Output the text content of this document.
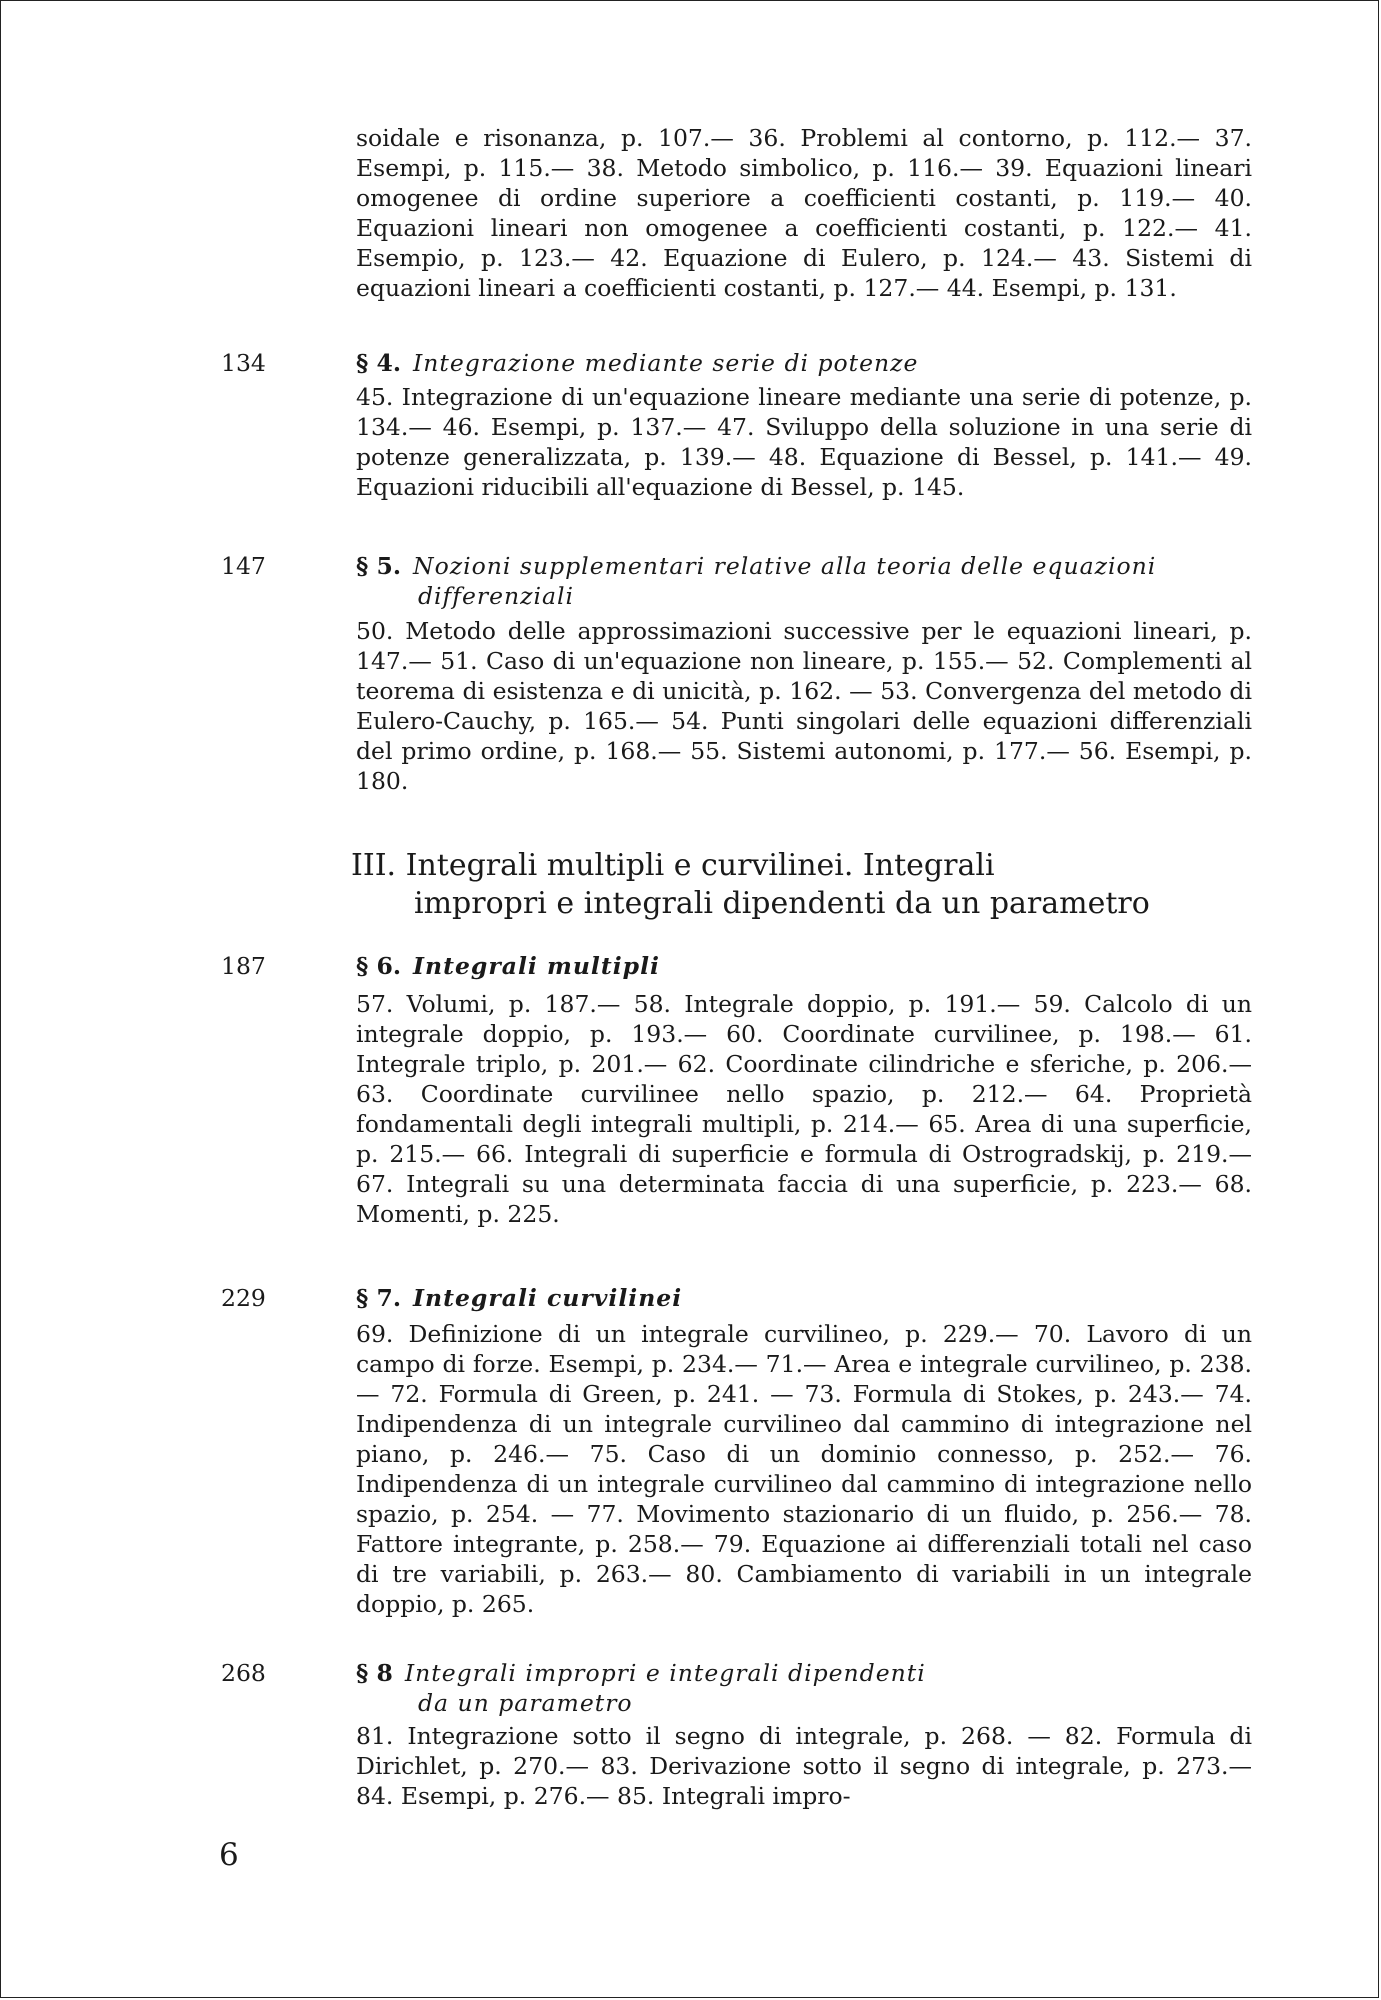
soidale e risonanza, p. 107.— 36. Problemi al contorno, p. 112.— 37. Esempi, p. 115.— 38. Metodo simbolico, p. 116.— 39. Equazioni lineari omogenee di ordine superiore a coefficienti costanti, p. 119.— 40. Equazioni lineari non omogenee a coefficienti costanti, p. 122.— 41. Esempio, p. 123.— 42. Equazione di Eulero, p. 124.— 43. Sistemi di equazioni lineari a coefficienti costanti, p. 127.— 44. Esempi, p. 131.
134	§ 4. Integrazione mediante serie di potenze
45. Integrazione di un'equazione lineare mediante una serie di potenze, p. 134.— 46. Esempi, p. 137.— 47. Sviluppo della soluzione in una serie di potenze generalizzata, p. 139.— 48. Equazione di Bessel, p. 141.— 49. Equazioni riducibili all'equazione di Bessel, p. 145.
147	§ 5. Nozioni supplementari relative alla teoria delle equazioni
differenziali
50. Metodo delle approssimazioni successive per le equazioni lineari, p. 147.— 51. Caso di un'equazione non lineare, p. 155.— 52. Complementi al teorema di esistenza e di unicità, p. 162. — 53. Convergenza del metodo di Eulero-Cauchy, p. 165.— 54. Punti singolari delle equazioni differenziali del primo ordine, p. 168.— 55. Sistemi autonomi, p. 177.— 56. Esempi, p. 180.
III. Integrali multipli e curvilinei. Integrali
impropri e integrali dipendenti da un parametro
187	§ 6. Integrali multipli
57. Volumi, p. 187.— 58. Integrale doppio, p. 191.— 59. Calcolo di un integrale doppio, p. 193.— 60. Coordinate curvilinee, p. 198.— 61. Integrale triplo, p. 201.— 62. Coordinate cilindriche e sferiche, p. 206.— 63. Coordinate curvilinee nello spazio, p. 212.— 64. Proprietà fondamentali degli integrali multipli, p. 214.— 65. Area di una superficie, p. 215.— 66. Integrali di superficie e formula di Ostrogradskij, p. 219.— 67. Integrali su una determinata faccia di una superficie, p. 223.— 68. Momenti, p. 225.
229	§ 7. Integrali curvilinei
69. Definizione di un integrale curvilineo, p. 229.— 70. Lavoro di un campo di forze. Esempi, p. 234.— 71.— Area e integrale curvilineo, p. 238.— 72. Formula di Green, p. 241. — 73. Formula di Stokes, p. 243.— 74. Indipendenza di un integrale curvilineo dal cammino di integrazione nel piano, p. 246.— 75. Caso di un dominio connesso, p. 252.— 76. Indipendenza di un integrale curvilineo dal cammino di integrazione nello spazio, p. 254. — 77. Movimento stazionario di un fluido, p. 256.— 78. Fattore integrante, p. 258.— 79. Equazione ai differenziali totali nel caso di tre variabili, p. 263.— 80. Cambiamento di variabili in un integrale doppio, p. 265.
268	§ 8 Integrali impropri e integrali dipendenti
da un parametro
81. Integrazione sotto il segno di integrale, p. 268. — 82. Formula di Dirichlet, p. 270.— 83. Derivazione sotto il segno di integrale, p. 273.— 84. Esempi, p. 276.— 85. Integrali impro-
6
